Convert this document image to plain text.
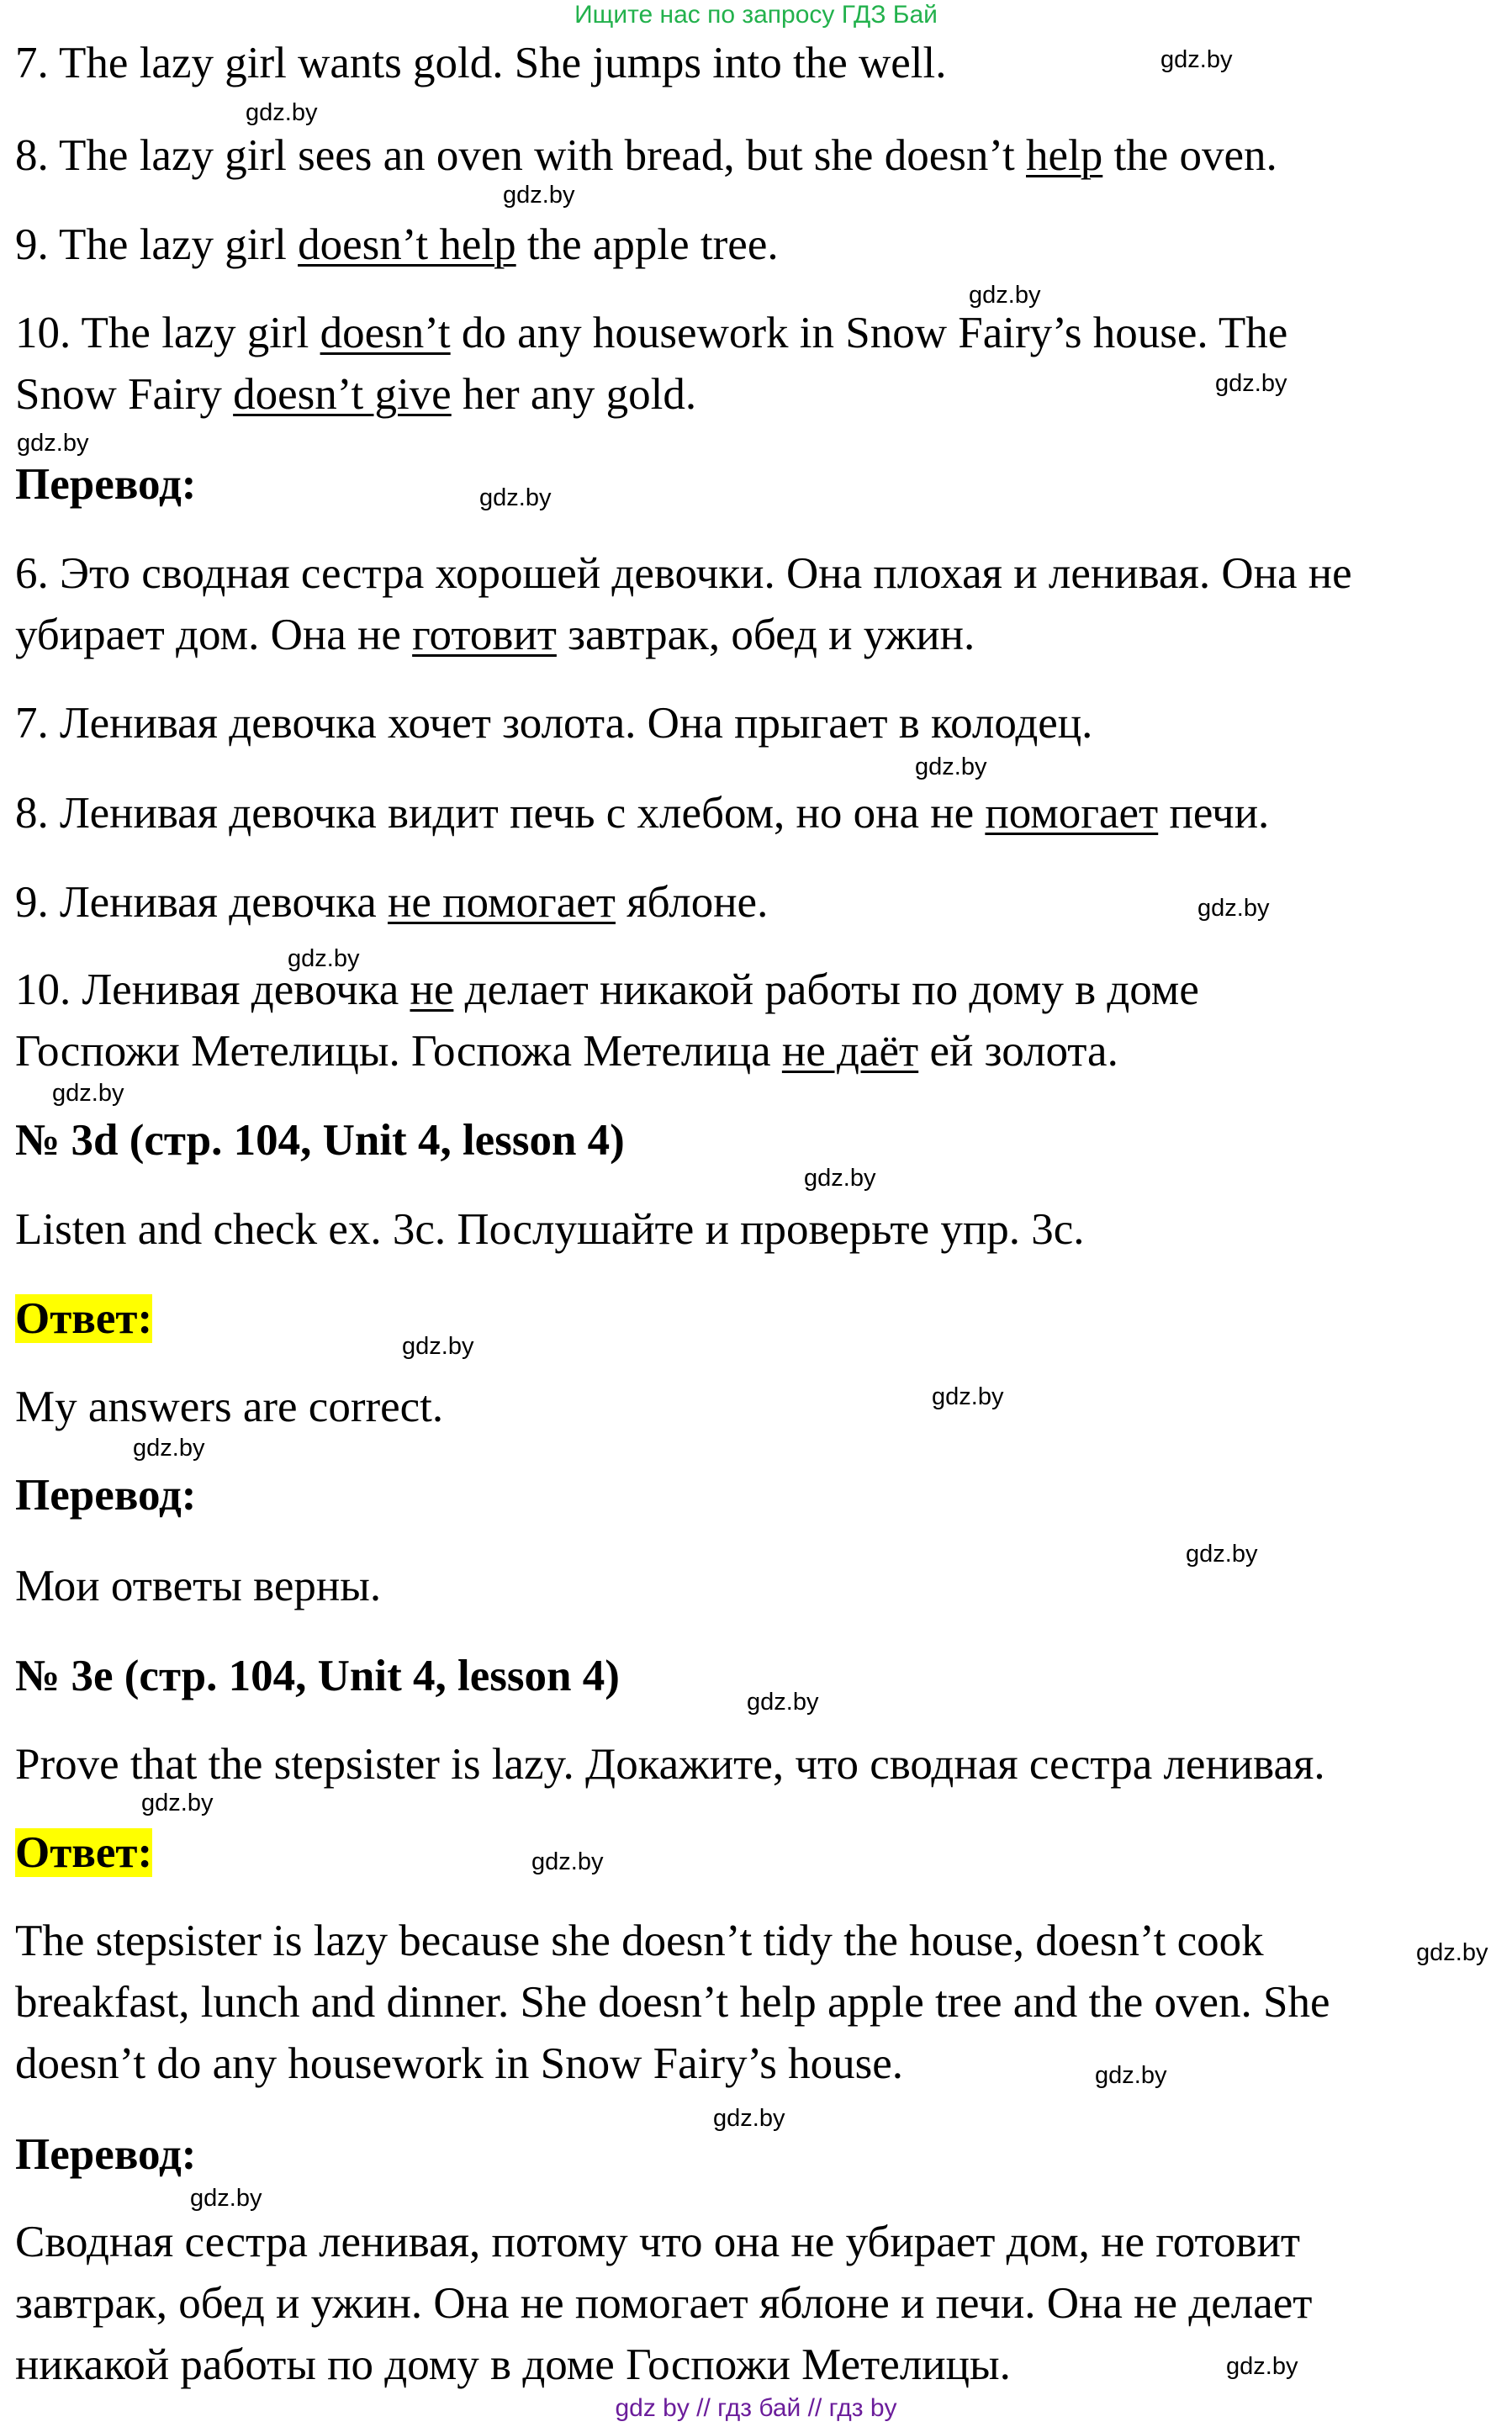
Ищите нас по запросу ГДЗ Бай
7. The lazy girl wants gold. She jumps into the well.
8. The lazy girl sees an oven with bread, but she doesn’t help the oven.
9. The lazy girl doesn’t help the apple tree.
10. The lazy girl doesn’t do any housework in Snow Fairy’s house. The
Snow Fairy doesn’t give her any gold.
Перевод:
6. Это сводная сестра хорошей девочки. Она плохая и ленивая. Она не
убирает дом. Она не готовит завтрак, обед и ужин.
7. Ленивая девочка хочет золота. Она прыгает в колодец.
8. Ленивая девочка видит печь с хлебом, но она не помогает печи.
9. Ленивая девочка не помогает яблоне.
10. Ленивая девочка не делает никакой работы по дому в доме
Госпожи Метелицы. Госпожа Метелица не даёт ей золота.
№ 3d (стр. 104, Unit 4, lesson 4)
Listen and check ex. 3c. Послушайте и проверьте упр. 3c.
Ответ:
My answers are correct.
Перевод:
Мои ответы верны.
№ 3e (стр. 104, Unit 4, lesson 4)
Prove that the stepsister is lazy. Докажите, что сводная сестра ленивая.
Ответ:
The stepsister is lazy because she doesn’t tidy the house, doesn’t cook
breakfast, lunch and dinner. She doesn’t help apple tree and the oven. She
doesn’t do any housework in Snow Fairy’s house.
Перевод:
Сводная сестра ленивая, потому что она не убирает дом, не готовит
завтрак, обед и ужин. Она не помогает яблоне и печи. Она не делает
никакой работы по дому в доме Госпожи Метелицы.
gdz.by
gdz.by
gdz.by
gdz.by
gdz.by
gdz.by
gdz.by
gdz.by
gdz.by
gdz.by
gdz.by
gdz.by
gdz.by
gdz.by
gdz.by
gdz.by
gdz.by
gdz.by
gdz.by
gdz.by
gdz.by
gdz.by
gdz.by
gdz.by
gdz by // гдз бай // гдз by
